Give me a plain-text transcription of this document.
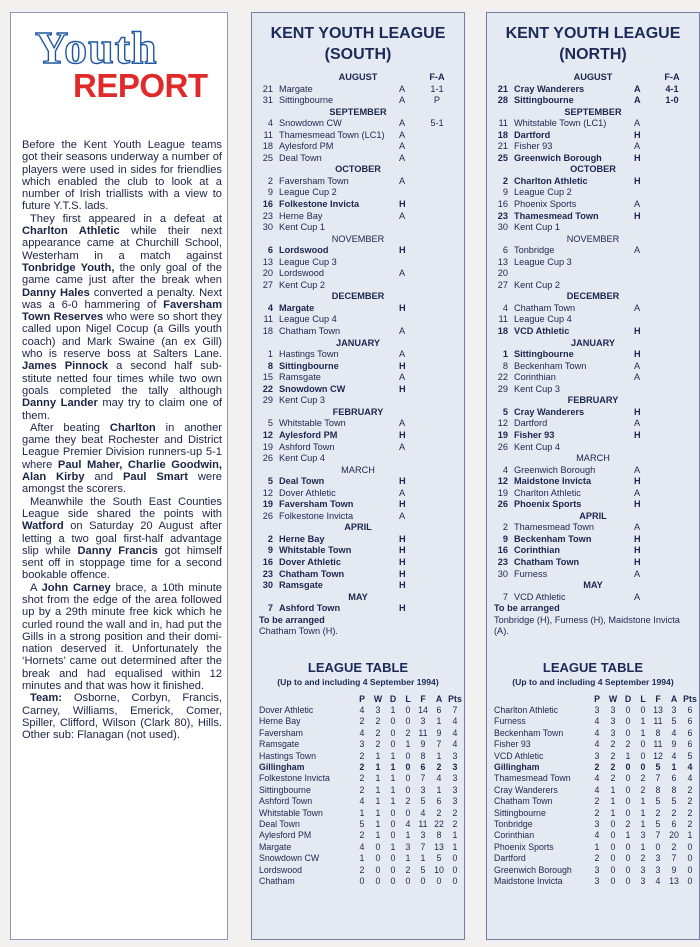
Youth
REPORT

Before the Kent Youth League teams got their seasons underway a number of players were used in sides for friendlies which enabled the club to look at a number of Irish triallists with a view to future Y.T.S. lads.

They first appeared in a defeat at Charlton Athletic while their next appearance came at Churchill School, Westerham in a match against Tonbridge Youth, the only goal of the game came just after the break when Danny Hales converted a penalty. Next was a 6-0 hammering of Faversham Town Reserves who were so short they called upon Nigel Cocup (a Gills youth coach) and Mark Swaine (an ex Gill) who is reserve boss at Salters Lane. James Pinnock a second half substitute netted four times while two own goals completed the tally although Danny Lander may try to claim one of them.

After beating Charlton in another game they beat Rochester and District League Premier Division runners-up 5-1 where Paul Maher, Charlie Goodwin, Alan Kirby and Paul Smart were amongst the scorers.

Meanwhile the South East Counties League side shared the points with Watford on Saturday 20 August after letting a two goal first-half advantage slip while Danny Francis got himself sent off in stoppage time for a second bookable offence.

A John Carney brace, a 10th minute shot from the edge of the area followed up by a 29th minute free kick which he curled round the wall and in, had put the Gills in a strong position and their domination deserved it. Unfortunately the ‘Hornets’ came out determined after the break and had equalised within 12 minutes and that was how it finished.

Team: Osborne, Corbyn, Francis, Carney, Williams, Emerick, Comer, Spiller, Clifford, Wilson (Clark 80), Hills. Other sub: Flanagan (not used).

KENT YOUTH LEAGUE
(SOUTH)
AUGUST	F-A
21 Margate	A	1-1
31 Sittingbourne	A	P
SEPTEMBER
4 Snowdown CW	A	5-1
11 Thamesmead Town (LC1) A
18 Aylesford PM	A
25 Deal Town	A
OCTOBER
2 Faversham Town	A
9 League Cup 2
16 Folkestone Invicta	H
23 Herne Bay	A
30 Kent Cup 1
NOVEMBER
6 Lordswood	H
13 League Cup 3
20 Lordswood	A
27 Kent Cup 2
DECEMBER
4 Margate	H
11 League Cup 4
18 Chatham Town	A
JANUARY
1 Hastings Town	A
8 Sittingbourne	H
15 Ramsgate	A
22 Snowdown CW	H
29 Kent Cup 3
FEBRUARY
5 Whitstable Town	A
12 Aylesford PM	H
19 Ashford Town	A
26 Kent Cup 4
MARCH
5 Deal Town	H
12 Dover Athletic	A
19 Faversham Town	H
26 Folkestone Invicta	A
APRIL
2 Herne Bay	H
9 Whitstable Town	H
16 Dover Athletic	H
23 Chatham Town	H
30 Ramsgate	H
MAY
7 Ashford Town	H
To be arranged
Chatham Town (H).
LEAGUE TABLE
(Up to and including 4 September 1994)
P	W D	L	F	A Pts
Dover Athletic	4	3	1	0 14 6	7
Herne Bay	2	2	0	0	3	1	4
Faversham	4	2	0	2 11	9	4
Ramsgate	3	2	0	1	9	7	4
Hastings Town	2	1	1	0	8	1	3
Gillingham	2	1	1	0	6	2	3
Folkestone Invicta	2	1	1	0	7	4	3
Sittingbourne	2	1	1	0	3	1	3
Ashford Town	4	1	1	2	5	6	3
Whitstable Town	1	1	0	0	4	2	2
Deal Town	5	1	0	4 11 22 2
Aylesford PM	2	1	0	1	3	8	1
Margate	4	0	1	3	7 13 1
Snowdown CW	1	0	0	1	1	5	0
Lordswood	2	0	0	2	5 10 0
Chatham	0	0	0	0	0	0	0
KENT YOUTH LEAGUE
(NORTH)
AUGUST	F-A
21 Cray Wanderers	A	4-1
28 Sittingbourne	A	1-0
SEPTEMBER
11 Whitstable Town (LC1)	A
18 Dartford	H
21 Fisher 93	A
25 Greenwich Borough	H
OCTOBER
2 Charlton Athletic	H
9 League Cup 2
16 Phoenix Sports	A
23 Thamesmead Town	H
30 Kent Cup 1
NOVEMBER
6 Tonbridge	A
13 League Cup 3
20
27 Kent Cup 2
DECEMBER
4 Chatham Town	A
11 League Cup 4
18 VCD Athletic	H
JANUARY
1 Sittingbourne	H
8 Beckenham Town	A
22 Corinthian	A
29 Kent Cup 3
FEBRUARY
5 Cray Wanderers	H
12 Dartford	A
19 Fisher 93	H
26 Kent Cup 4
MARCH
4 Greenwich Borough	A
12 Maidstone Invicta	H
19 Charlton Athletic	A
26 Phoenix Sports	H
APRIL
2 Thamesmead Town	A
9 Beckenham Town	H
16 Corinthian	H
23 Chatham Town	H
30 Furness	A
MAY
7 VCD Athletic	A
To be arranged
Tonbridge (H), Furness (H), Maidstone Invicta (A).
LEAGUE TABLE
(Up to and including 4 September 1994)
P	W D	L	F	A Pts
Charlton Athletic	3	3	0	0 13 3	6
Furness	4	3	0	1 11	5	6
Beckenham Town	4	3	0	1	8	4	6
Fisher 93	4	2	2	0 11	9	6
VCD Athletic	3	2	1	0 12 4	5
Gillingham	2	2	0	0	5	1	4
Thamesmead Town	4	2	0	2	7	6	4
Cray Wanderers	4	1	0	2	8	8	2
Chatham Town	2	1	0	1	5	5	2
Sittingbourne	2	1	0	1	2	2	2
Tonbridge	3	0	2	1	5	6	2
Corinthian	4	0	1	3	7 20 1
Phoenix Sports	1	0	0	1	0	2	0
Dartford	2	0	0	2	3	7	0
Greenwich Borough	3	0	0	3	3	9	0
Maidstone Invicta	3	0	0	3	4 13 0
